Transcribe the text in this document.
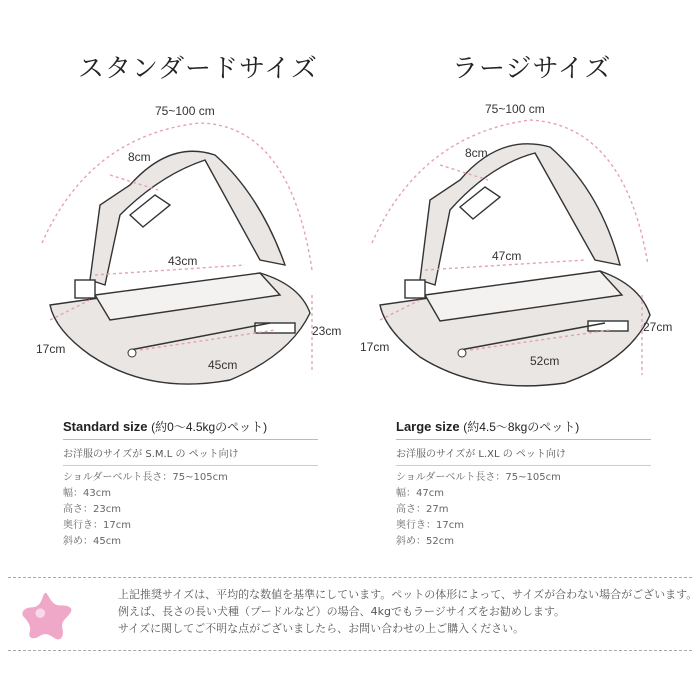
スタンダードサイズ	ラージサイズ
75~100 cm
8cm
43cm
23cm
17cm
45cm
75~100 cm
8cm
47cm
27cm
17cm
52cm
Standard size (約0〜4.5kgのペット)
お洋服のサイズが S.M.L の ペット向け
ショルダーベルト長さ：75~105cm
幅：43cm
高さ：23cm
奥行き：17cm
斜め：45cm
Large size (約4.5〜8kgのペット)
お洋服のサイズが L.XL の ペット向け
ショルダーベルト長さ：75~105cm
幅：47cm
高さ：27m
奥行き：17cm
斜め：52cm
上記推奨サイズは、平均的な数値を基準にしています。ペットの体形によって、サイズが合わない場合がございます。
例えば、長さの長い犬種（プードルなど）の場合、4kgでもラージサイズをお勧めします。
サイズに関してご不明な点がございましたら、お問い合わせの上ご購入ください。
